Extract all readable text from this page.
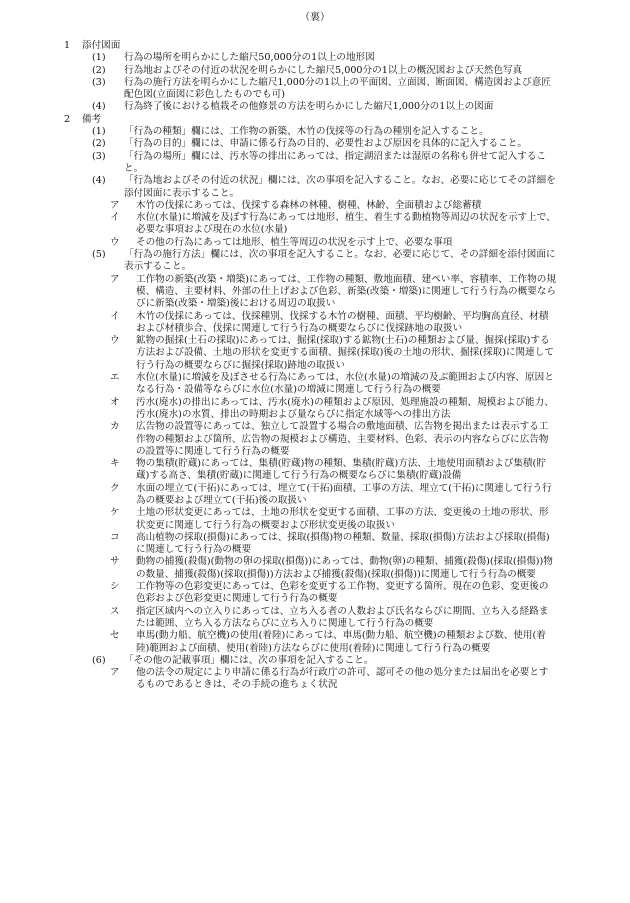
（裏）
1 添付図面
(1) 行為の場所を明らかにした縮尺50,000分の1以上の地形図
(2) 行為地およびその付近の状況を明らかにした縮尺5,000分の1以上の概況図および天然色写真
(3) 行為の施行方法を明らかにした縮尺1,000分の1以上の平面図、立面図、断面図、構造図および意匠配色図(立面図に彩色したものでも可)
(4) 行為終了後における植栽その他修景の方法を明らかにした縮尺1,000分の1以上の図面
2 備考
(1) 「行為の種類」欄には、工作物の新築、木竹の伐採等の行為の種別を記入すること。
(2) 「行為の目的」欄には、申請に係る行為の目的、必要性および原因を具体的に記入すること。
(3) 「行為の場所」欄には、汚水等の排出にあっては、指定湖沼または湿原の名称も併せて記入すること。
(4) 「行為地およびその付近の状況」欄には、次の事項を記入すること。なお、必要に応じてその詳細を添付図面に表示すること。
ア 木竹の伐採にあっては、伐採する森林の林種、樹種、林齢、全面積および総蓄積
イ 水位(水量)に増減を及ぼす行為にあっては地形、植生、着生する動植物等周辺の状況を示す上で、必要な事項および現在の水位(水量)
ウ その他の行為にあっては地形、植生等周辺の状況を示す上で、必要な事項
(5) 「行為の施行方法」欄には、次の事項を記入すること。なお、必要に応じて、その詳細を添付図面に表示すること。
ア 工作物の新築(改築・増築)にあっては、工作物の種類、敷地面積、建ぺい率、容積率、工作物の規模、構造、主要材料、外部の仕上げおよび色彩、新築(改築・増築)に関連して行う行為の概要ならびに新築(改築・増築)後における周辺の取扱い
イ 木竹の伐採にあっては、伐採種別、伐採する木竹の樹種、面積、平均樹齢、平均胸高直径、材積および材積歩合、伐採に関連して行う行為の概要ならびに伐採跡地の取扱い
ウ 鉱物の掘採(土石の採取)にあっては、掘採(採取)する鉱物(土石)の種類および量、掘採(採取)する方法および設備、土地の形状を変更する面積、掘採(採取)後の土地の形状、掘採(採取)に関連して行う行為の概要ならびに掘採(採取)跡地の取扱い
エ 水位(水量)に増減を及ぼさせる行為にあっては、水位(水量)の増減の及ぶ範囲および内容、原因となる行為・設備等ならびに水位(水量)の増減に関連して行う行為の概要
オ 汚水(廃水)の排出にあっては、汚水(廃水)の種類および原因、処理施設の種類、規模および能力、汚水(廃水)の水質、排出の時期および量ならびに指定水域等への排出方法
カ 広告物の設置等にあっては、独立して設置する場合の敷地面積、広告物を掲出または表示する工作物の種類および箇所、広告物の規模および構造、主要材料、色彩、表示の内容ならびに広告物の設置等に関連して行う行為の概要
キ 物の集積(貯蔵)にあっては、集積(貯蔵)物の種類、集積(貯蔵)方法、土地使用面積および集積(貯蔵)する高さ、集積(貯蔵)に関連して行う行為の概要ならびに集積(貯蔵)設備
ク 水面の埋立て(干拓)にあっては、埋立て(干拓)面積、工事の方法、埋立て(干拓)に関連して行う行為の概要および埋立て(干拓)後の取扱い
ケ 土地の形状変更にあっては、土地の形状を変更する面積、工事の方法、変更後の土地の形状、形状変更に関連して行う行為の概要および形状変更後の取扱い
コ 高山植物の採取(損傷)にあっては、採取(損傷)物の種類、数量、採取(損傷)方法および採取(損傷)に関連して行う行為の概要
サ 動物の捕獲(殺傷)(動物の卵の採取(損傷))にあっては、動物(卵)の種類、捕獲(殺傷)(採取(損傷))物の数量、捕獲(殺傷)(採取(損傷))方法および捕獲(殺傷)(採取(損傷))に関連して行う行為の概要
シ 工作物等の色彩変更にあっては、色彩を変更する工作物、変更する箇所、現在の色彩、変更後の色彩および色彩変更に関連して行う行為の概要
ス 指定区域内への立入りにあっては、立ち入る者の人数および氏名ならびに期間、立ち入る経路または範囲、立ち入る方法ならびに立ち入りに関連して行う行為の概要
セ 車馬(動力船、航空機)の使用(着陸)にあっては、車馬(動力船、航空機)の種類および数、使用(着陸)範囲および面積、使用(着陸)方法ならびに使用(着陸)に関連して行う行為の概要
(6) 「その他の記載事項」欄には、次の事項を記入すること。
ア 他の法令の規定により申請に係る行為が行政庁の許可、認可その他の処分または届出を必要とするものであるときは、その手続の進ちょく状況
